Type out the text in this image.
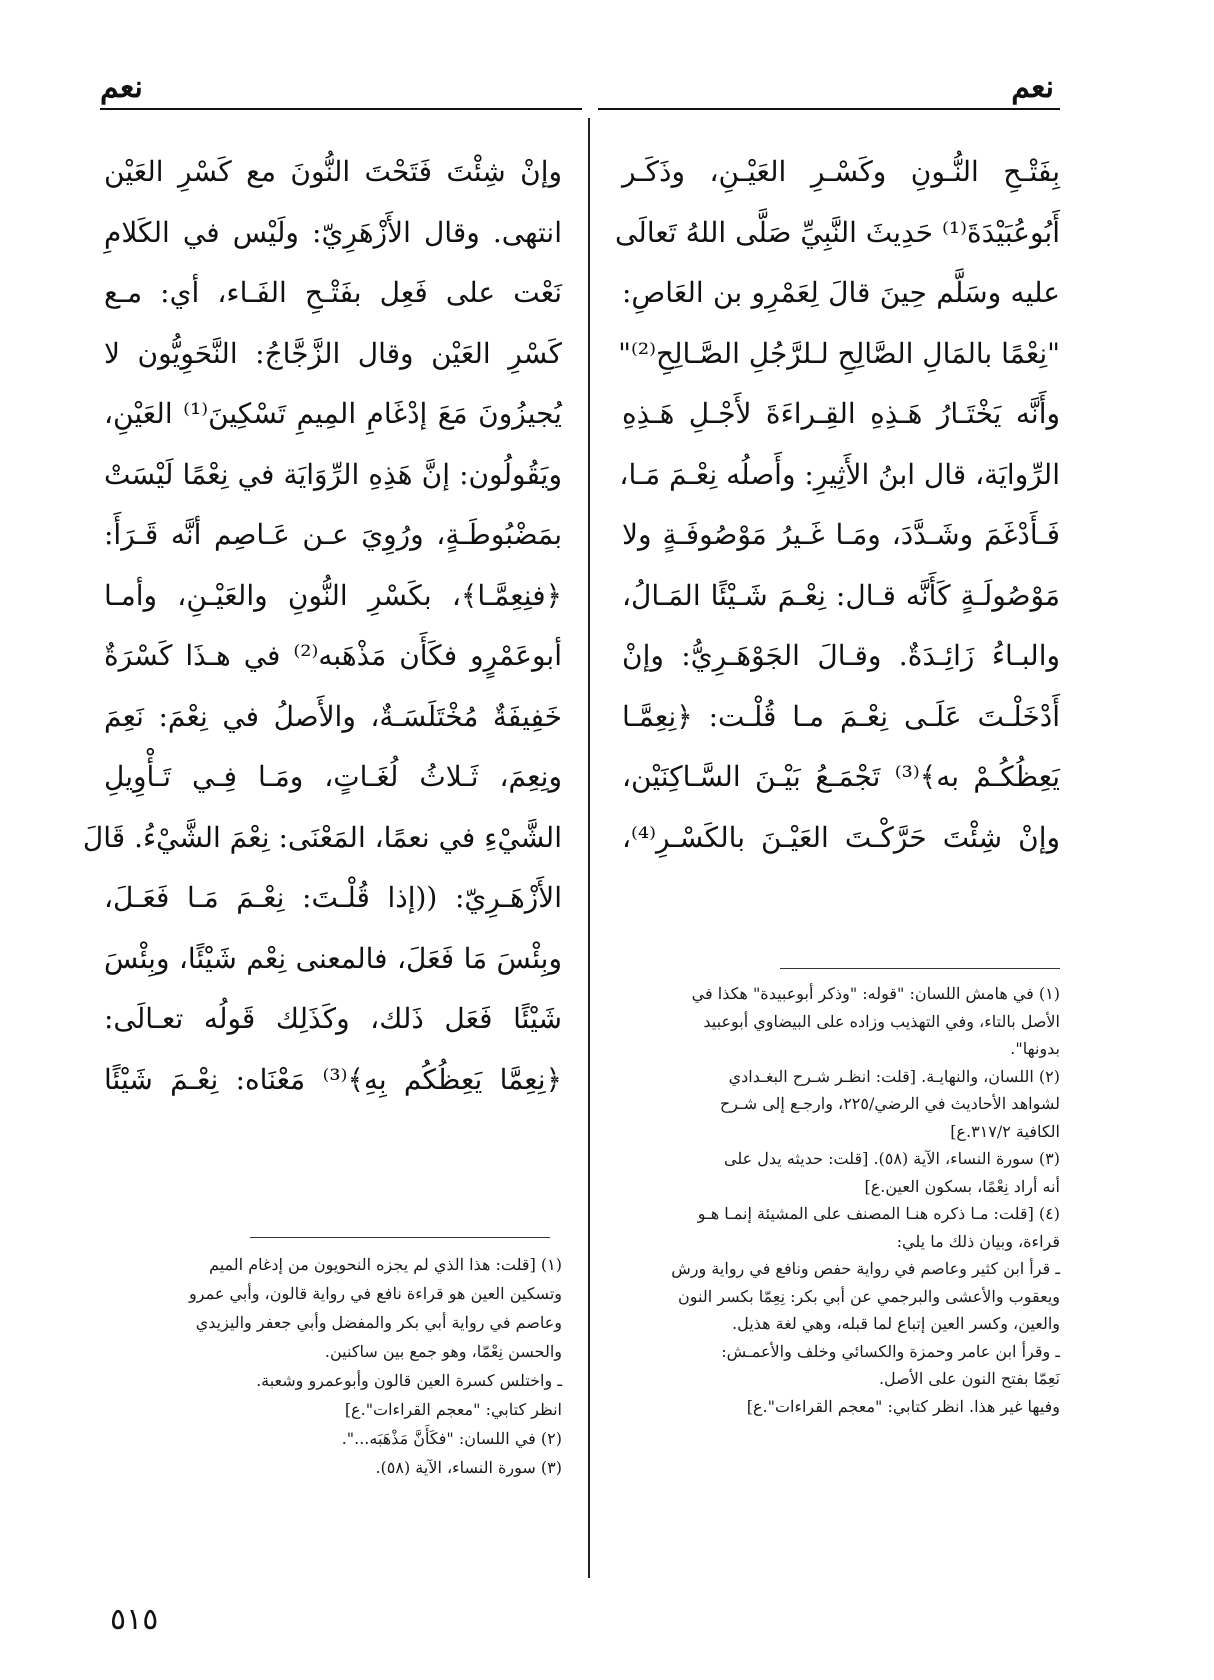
نعم
نعم
بِفَتْـحِ النُّـونِ وكَسْـرِ العَيْـنِ، وذَكَـر
أَبُوعُبَيْدَةَ⁽¹⁾ حَدِيثَ النَّبِيِّ صَلَّى اللهُ تَعالَى
عليه وسَلَّم حِينَ قالَ لِعَمْرِو بن العَاصِ:
"نِعْمًا بالمَالِ الصَّالِحِ لـلرَّجُلِ الصَّـالِحِ⁽²⁾"
وأَنَّه يَخْتَـارُ هَـذِهِ القِـراءَةَ لأَجْـلِ هَـذِهِ
الرِّوايَة، قال ابنُ الأَثِيرِ: وأَصلُه نِعْـمَ مَـا،
فَـأَدْغَمَ وشَـدَّدَ، ومَـا غَـيرُ مَوْصُوفَـةٍ ولا
مَوْصُولَـةٍ كَأَنَّه قـال: نِعْـمَ شَـيْئًا المَـالُ،
والبـاءُ زَائِـدَةٌ. وقـالَ الجَوْهَـرِيُّ: وإنْ
أَدْخَلْـتَ عَلَـى نِعْـمَ مـا قُلْـت: ﴿نِعِمَّـا
يَعِظُكُـمْ به﴾⁽³⁾ تَجْمَـعُ بَيْـنَ السَّـاكِنَيْن،
وإنْ شِئْتَ حَرَّكْـتَ العَيْـنَ بالكَسْـرِ⁽⁴⁾،
وإنْ شِئْتَ فَتَحْتَ النُّونَ مع كَسْرِ العَيْن
انتهى. وقال الأَزْهَرِيّ: ولَيْس في الكَلامِ
نَعْت على فَعِل بفَتْـحِ الفَـاء، أي: مـع
كَسْرِ العَيْن وقال الزَّجَّاجُ: النَّحَوِيُّون لا
يُجيزُونَ مَعَ إدْغَامِ المِيمِ تَسْكِينَ⁽¹⁾ العَيْنِ،
ويَقُولُون: إنَّ هَذِهِ الرِّوَايَة في نِعْمًا لَيْسَتْ
بمَضْبُوطَـةٍ، ورُوِيَ عـن عَـاصِم أنَّه قَـرَأَ:
﴿فنِعِمَّـا﴾، بكَسْرِ النُّونِ والعَيْـنِ، وأمـا
أبوعَمْرٍو فكَأَن مَذْهَبه⁽²⁾ في هـذَا كَسْرَةٌ
خَفِيفَةٌ مُخْتَلَسَـةٌ، والأَصلُ في نِعْمَ: نَعِمَ
ونِعِمَ، ثَـلاثُ لُغَـاتٍ، ومَـا فِـي تَـأْوِيلِ
الشَّيْءِ في نعمًا، المَعْنَى: نِعْمَ الشَّيْءُ. قَالَ
الأَزْهَـرِيّ: ((إذا قُلْـتَ: نِعْـمَ مَـا فَعَـلَ،
وبِئْسَ مَا فَعَلَ، فالمعنى نِعْم شَيْئًا، وبِئْسَ
شَيْئًا فَعَل ذَلك، وكَذَلِك قَولُه تعـالَى:
﴿نِعِمَّا يَعِظُكُم بِهِ﴾⁽³⁾ مَعْنَاه: نِعْـمَ شَيْئًا

(١) في هامش اللسان: "قوله: "وذكر أبوعبيدة" هكذا في

الأصل بالتاء، وفي التهذيب وزاده على البيضاوي أبوعبيد

بدونها".

(٢) اللسان، والنهايـة. [قلت: انظـر شـرح البغـدادي

لشواهد الأحاديث في الرضي/٢٢٥، وارجـع إلى شـرح

الكافية ٣١٧/٢.ع]

(٣) سورة النساء، الآية (٥٨). [قلت: حديثه يدل على

أنه أراد نِعْمًا، بسكون العين.ع]

(٤) [قلت: مـا ذكره هنـا المصنف على المشيئة إنمـا هـو

قراءة، وبيان ذلك ما يلي:

ـ قرأ ابن كثير وعاصم في رواية حفص ونافع في رواية ورش

ويعقوب والأعشى والبرجمي عن أبي بكر: نِعِمّا بكسر النون

والعين، وكسر العين إتباع لما قبله، وهي لغة هذيل.

ـ وقرأ ابن عامر وحمزة والكسائي وخلف والأعمـش:

نَعِمّا بفتح النون على الأصل.

وفيها غير هذا. انظر كتابي: "معجم القراءات".ع]

(١) [قلت: هذا الذي لم يجزه النحويون من إدغام الميم

وتسكين العين هو قراءة نافع في رواية قالون، وأبي عمرو

وعاصم في رواية أبي بكر والمفضل وأبي جعفر واليزيدي

والحسن نِعْمّا، وهو جمع بين ساكنين.

ـ واختلس كسرة العين قالون وأبوعمرو وشعبة.

انظر كتابي: "معجم القراءات".ع]

(٢) في اللسان: "فكَأَنَّ مَذْهَبَه...".

(٣) سورة النساء، الآية (٥٨).

٥١٥
